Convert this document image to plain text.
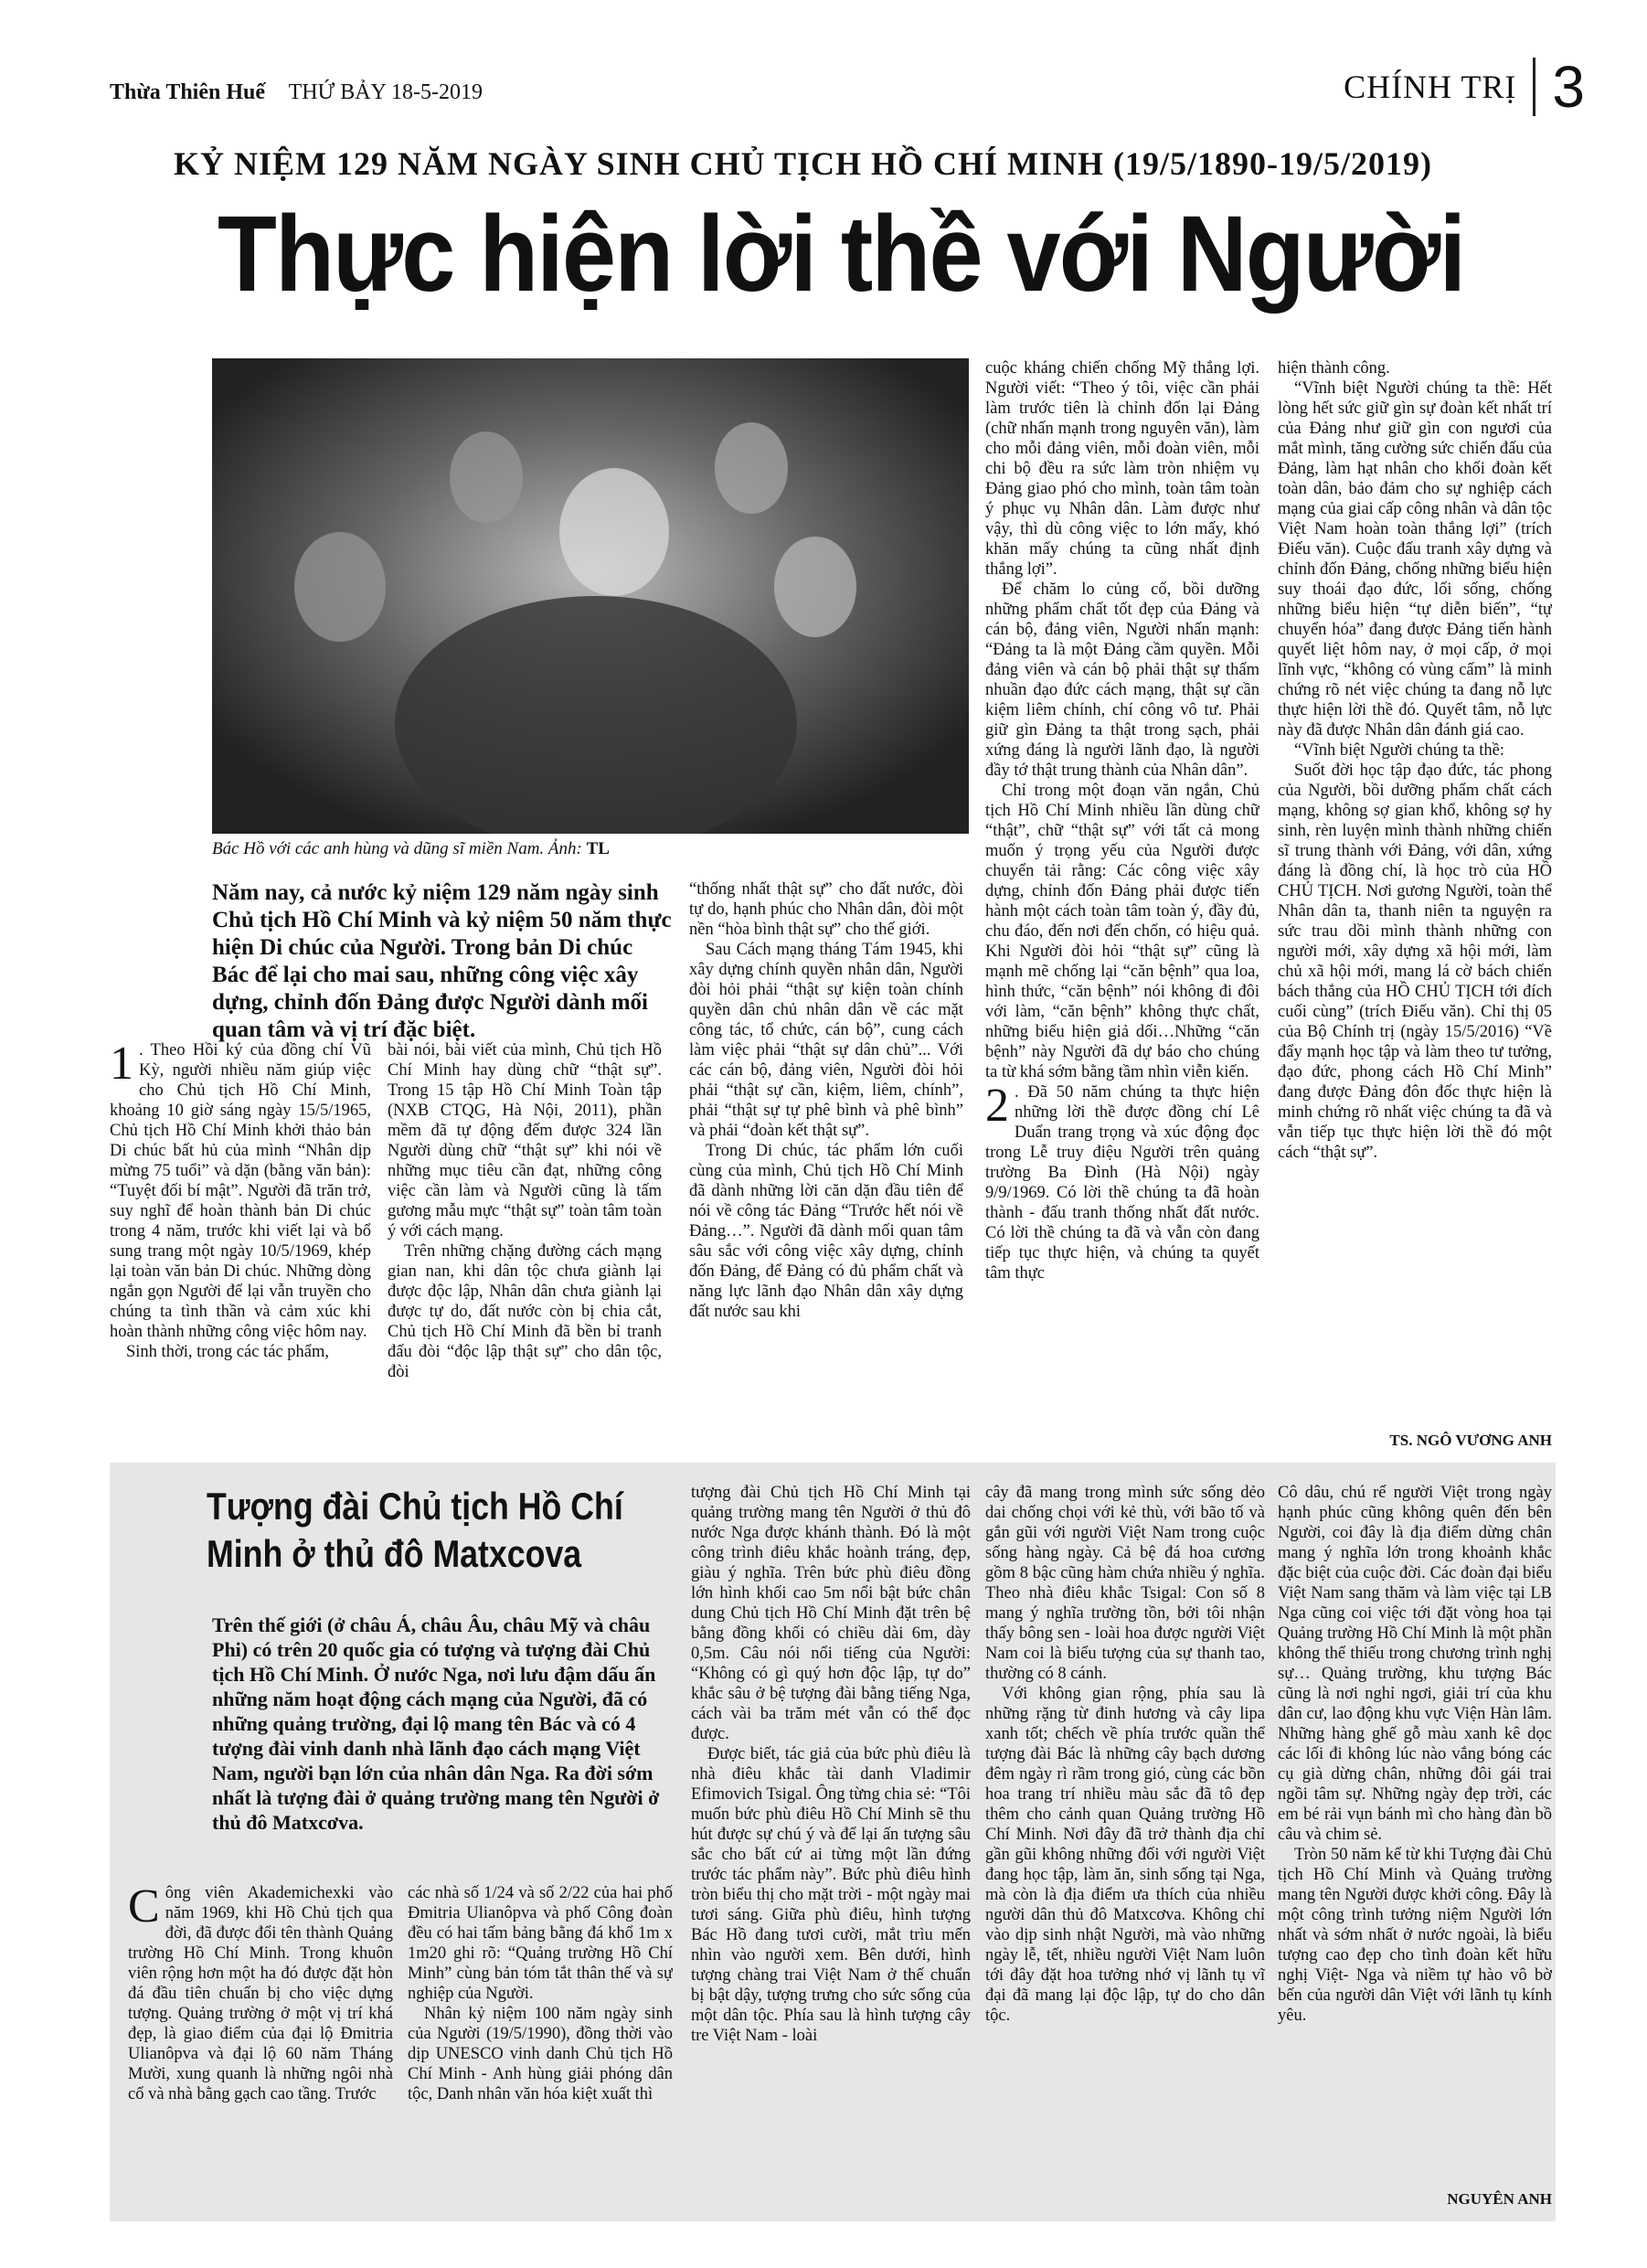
Thừa Thiên Huế THỨ BẢY 18-5-2019	CHÍNH TRỊ 3
KỶ NIỆM 129 NĂM NGÀY SINH CHỦ TỊCH HỒ CHÍ MINH (19/5/1890-19/5/2019)
Thực hiện lời thề với Người
Bác Hồ với các anh hùng và dũng sĩ miền Nam. Ảnh: TL
Năm nay, cả nước kỷ niệm 129 năm ngày sinh Chủ tịch Hồ Chí Minh và kỷ niệm 50 năm thực hiện Di chúc của Người. Trong bản Di chúc Bác để lại cho mai sau, những công việc xây dựng, chỉnh đốn Đảng được Người dành mối quan tâm và vị trí đặc biệt.

1 . Theo Hồi ký của đồng chí Vũ Kỳ, người nhiều năm giúp việc cho Chủ tịch Hồ Chí Minh, khoảng 10 giờ sáng ngày 15/5/1965, Chủ tịch Hồ Chí Minh khởi thảo bản Di chúc bất hủ của mình “Nhân dịp mừng 75 tuổi” và dặn (bằng văn bản): “Tuyệt đối bí mật”. Người đã trăn trở, suy nghĩ để hoàn thành bản Di chúc trong 4 năm, trước khi viết lại và bổ sung trang một ngày 10/5/1969, khép lại toàn văn bản Di chúc. Những dòng ngắn gọn Người để lại vẫn truyền cho chúng ta tình thần và cảm xúc khi hoàn thành những công việc hôm nay.

Sinh thời, trong các tác phẩm,

bài nói, bài viết của mình, Chủ tịch Hồ Chí Minh hay dùng chữ “thật sự”. Trong 15 tập Hồ Chí Minh Toàn tập (NXB CTQG, Hà Nội, 2011), phần mềm đã tự động đếm được 324 lần Người dùng chữ “thật sự” khi nói về những mục tiêu cần đạt, những công việc cần làm và Người cũng là tấm gương mẫu mực “thật sự” toàn tâm toàn ý với cách mạng.

Trên những chặng đường cách mạng gian nan, khi dân tộc chưa giành lại được độc lập, Nhân dân chưa giành lại được tự do, đất nước còn bị chia cắt, Chủ tịch Hồ Chí Minh đã bền bỉ tranh đấu đòi “độc lập thật sự” cho dân tộc, đòi

“thống nhất thật sự” cho đất nước, đòi tự do, hạnh phúc cho Nhân dân, đòi một nền “hòa bình thật sự” cho thế giới.

Sau Cách mạng tháng Tám 1945, khi xây dựng chính quyền nhân dân, Người đòi hỏi phải “thật sự kiện toàn chính quyền dân chủ nhân dân về các mặt công tác, tổ chức, cán bộ”, cung cách làm việc phải “thật sự dân chủ”... Với các cán bộ, đảng viên, Người đòi hỏi phải “thật sự cần, kiệm, liêm, chính”, phải “thật sự tự phê bình và phê bình” và phải “đoàn kết thật sự”.

Trong Di chúc, tác phẩm lớn cuối cùng của mình, Chủ tịch Hồ Chí Minh đã dành những lời căn dặn đầu tiên để nói về công tác Đảng “Trước hết nói về Đảng…”. Người đã dành mối quan tâm sâu sắc với công việc xây dựng, chỉnh đốn Đảng, để Đảng có đủ phẩm chất và năng lực lãnh đạo Nhân dân xây dựng đất nước sau khi

cuộc kháng chiến chống Mỹ thắng lợi. Người viết: “Theo ý tôi, việc cần phải làm trước tiên là chỉnh đốn lại Đảng (chữ nhấn mạnh trong nguyên văn), làm cho mỗi đảng viên, mỗi đoàn viên, mỗi chi bộ đều ra sức làm tròn nhiệm vụ Đảng giao phó cho mình, toàn tâm toàn ý phục vụ Nhân dân. Làm được như vậy, thì dù công việc to lớn mấy, khó khăn mấy chúng ta cũng nhất định thắng lợi”.

Để chăm lo củng cố, bồi dưỡng những phẩm chất tốt đẹp của Đảng và cán bộ, đảng viên, Người nhấn mạnh: “Đảng ta là một Đảng cầm quyền. Mỗi đảng viên và cán bộ phải thật sự thấm nhuần đạo đức cách mạng, thật sự cần kiệm liêm chính, chí công vô tư. Phải giữ gìn Đảng ta thật trong sạch, phải xứng đáng là người lãnh đạo, là người đầy tớ thật trung thành của Nhân dân”.

Chỉ trong một đoạn văn ngắn, Chủ tịch Hồ Chí Minh nhiều lần dùng chữ “thật”, chữ “thật sự” với tất cả mong muốn ý trọng yếu của Người được chuyển tải rằng: Các công việc xây dựng, chỉnh đốn Đảng phải được tiến hành một cách toàn tâm toàn ý, đầy đủ, chu đáo, đến nơi đến chốn, có hiệu quả. Khi Người đòi hỏi “thật sự” cũng là mạnh mẽ chống lại “căn bệnh” qua loa, hình thức, “căn bệnh” nói không đi đôi với làm, “căn bệnh” không thực chất, những biểu hiện giả dối…Những “căn bệnh” này Người đã dự báo cho chúng ta từ khá sớm bằng tầm nhìn viễn kiến.

2 . Đã 50 năm chúng ta thực hiện những lời thề được đồng chí Lê Duẩn trang trọng và xúc động đọc trong Lễ truy điệu Người trên quảng trường Ba Đình (Hà Nội) ngày 9/9/1969. Có lời thề chúng ta đã hoàn thành - đấu tranh thống nhất đất nước. Có lời thề chúng ta đã và vẫn còn đang tiếp tục thực hiện, và chúng ta quyết tâm thực

hiện thành công.

“Vĩnh biệt Người chúng ta thề: Hết lòng hết sức giữ gìn sự đoàn kết nhất trí của Đảng như giữ gìn con ngươi của mắt mình, tăng cường sức chiến đấu của Đảng, làm hạt nhân cho khối đoàn kết toàn dân, bảo đảm cho sự nghiệp cách mạng của giai cấp công nhân và dân tộc Việt Nam hoàn toàn thắng lợi” (trích Điếu văn). Cuộc đấu tranh xây dựng và chỉnh đốn Đảng, chống những biểu hiện suy thoái đạo đức, lối sống, chống những biểu hiện “tự diễn biến”, “tự chuyển hóa” đang được Đảng tiến hành quyết liệt hôm nay, ở mọi cấp, ở mọi lĩnh vực, “không có vùng cấm” là minh chứng rõ nét việc chúng ta đang nỗ lực thực hiện lời thề đó. Quyết tâm, nỗ lực này đã được Nhân dân đánh giá cao.

“Vĩnh biệt Người chúng ta thề:

Suốt đời học tập đạo đức, tác phong của Người, bồi dưỡng phẩm chất cách mạng, không sợ gian khổ, không sợ hy sinh, rèn luyện mình thành những chiến sĩ trung thành với Đảng, với dân, xứng đáng là đồng chí, là học trò của HỒ CHỦ TỊCH. Nơi gương Người, toàn thể Nhân dân ta, thanh niên ta nguyện ra sức trau dồi mình thành những con người mới, xây dựng xã hội mới, làm chủ xã hội mới, mang lá cờ bách chiến bách thắng của HỒ CHỦ TỊCH tới đích cuối cùng” (trích Điếu văn). Chỉ thị 05 của Bộ Chính trị (ngày 15/5/2016) “Về đẩy mạnh học tập và làm theo tư tưởng, đạo đức, phong cách Hồ Chí Minh” đang được Đảng đôn đốc thực hiện là minh chứng rõ nhất việc chúng ta đã và vẫn tiếp tục thực hiện lời thề đó một cách “thật sự”.

TS. NGÔ VƯƠNG ANH
Tượng đài Chủ tịch Hồ Chí Minh ở thủ đô Matxcova
Trên thế giới (ở châu Á, châu Âu, châu Mỹ và châu Phi) có trên 20 quốc gia có tượng và tượng đài Chủ tịch Hồ Chí Minh. Ở nước Nga, nơi lưu đậm dấu ấn những năm hoạt động cách mạng của Người, đã có những quảng trường, đại lộ mang tên Bác và có 4 tượng đài vinh danh nhà lãnh đạo cách mạng Việt Nam, người bạn lớn của nhân dân Nga. Ra đời sớm nhất là tượng đài ở quảng trường mang tên Người ở thủ đô Matxcơva.

Công viên Akademichexki vào năm 1969, khi Hồ Chủ tịch qua đời, đã được đổi tên thành Quảng trường Hồ Chí Minh. Trong khuôn viên rộng hơn một ha đó được đặt hòn đá đầu tiên chuẩn bị cho việc dựng tượng. Quảng trường ở một vị trí khá đẹp, là giao điểm của đại lộ Đmitria Ulianôpva và đại lộ 60 năm Tháng Mười, xung quanh là những ngôi nhà cổ và nhà bằng gạch cao tầng. Trước

các nhà số 1/24 và số 2/22 của hai phố Đmitria Ulianôpva và phố Công đoàn đều có hai tấm bảng bằng đá khổ 1m x 1m20 ghi rõ: “Quảng trường Hồ Chí Minh” cùng bản tóm tắt thân thế và sự nghiệp của Người.

Nhân kỷ niệm 100 năm ngày sinh của Người (19/5/1990), đồng thời vào dịp UNESCO vinh danh Chủ tịch Hồ Chí Minh - Anh hùng giải phóng dân tộc, Danh nhân văn hóa kiệt xuất thì

tượng đài Chủ tịch Hồ Chí Minh tại quảng trường mang tên Người ở thủ đô nước Nga được khánh thành. Đó là một công trình điêu khắc hoành tráng, đẹp, giàu ý nghĩa. Trên bức phù điêu đồng lớn hình khối cao 5m nổi bật bức chân dung Chủ tịch Hồ Chí Minh đặt trên bệ bằng đồng khối có chiều dài 6m, dày 0,5m. Câu nói nổi tiếng của Người: “Không có gì quý hơn độc lập, tự do” khắc sâu ở bệ tượng đài bằng tiếng Nga, cách vài ba trăm mét vẫn có thể đọc được.

Được biết, tác giả của bức phù điêu là nhà điêu khắc tài danh Vladimir Efimovich Tsigal. Ông từng chia sẻ: “Tôi muốn bức phù điêu Hồ Chí Minh sẽ thu hút được sự chú ý và để lại ấn tượng sâu sắc cho bất cứ ai từng một lần đứng trước tác phẩm này”. Bức phù điêu hình tròn biểu thị cho mặt trời - một ngày mai tươi sáng. Giữa phù điêu, hình tượng Bác Hồ đang tươi cười, mắt trìu mến nhìn vào người xem. Bên dưới, hình tượng chàng trai Việt Nam ở thế chuẩn bị bật dậy, tượng trưng cho sức sống của một dân tộc. Phía sau là hình tượng cây tre Việt Nam - loài

cây đã mang trong mình sức sống dẻo dai chống chọi với kẻ thù, với bão tố và gắn gũi với người Việt Nam trong cuộc sống hàng ngày. Cả bệ đá hoa cương gồm 8 bậc cũng hàm chứa nhiều ý nghĩa. Theo nhà điêu khắc Tsigal: Con số 8 mang ý nghĩa trường tồn, bởi tôi nhận thấy bông sen - loài hoa được người Việt Nam coi là biểu tượng của sự thanh tao, thường có 8 cánh.

Với không gian rộng, phía sau là những rặng từ đinh hương và cây lipa xanh tốt; chếch về phía trước quần thể tượng đài Bác là những cây bạch dương đêm ngày rì rầm trong gió, cùng các bồn hoa trang trí nhiều màu sắc đã tô đẹp thêm cho cảnh quan Quảng trường Hồ Chí Minh. Nơi đây đã trở thành địa chỉ gần gũi không những đối với người Việt đang học tập, làm ăn, sinh sống tại Nga, mà còn là địa điểm ưa thích của nhiều người dân thủ đô Matxcơva. Không chỉ vào dịp sinh nhật Người, mà vào những ngày lễ, tết, nhiều người Việt Nam luôn tới đây đặt hoa tưởng nhớ vị lãnh tụ vĩ đại đã mang lại độc lập, tự do cho dân tộc.

Cô dâu, chú rể người Việt trong ngày hạnh phúc cũng không quên đến bên Người, coi đây là địa điểm dừng chân mang ý nghĩa lớn trong khoảnh khắc đặc biệt của cuộc đời. Các đoàn đại biểu Việt Nam sang thăm và làm việc tại LB Nga cũng coi việc tới đặt vòng hoa tại Quảng trường Hồ Chí Minh là một phần không thể thiếu trong chương trình nghị sự… Quảng trường, khu tượng Bác cũng là nơi nghỉ ngơi, giải trí của khu dân cư, lao động khu vực Viện Hàn lâm. Những hàng ghế gỗ màu xanh kê dọc các lối đi không lúc nào vắng bóng các cụ già dừng chân, những đôi gái trai ngồi tâm sự. Những ngày đẹp trời, các em bé rải vụn bánh mì cho hàng đàn bồ câu và chim sẻ.

Tròn 50 năm kể từ khi Tượng đài Chủ tịch Hồ Chí Minh và Quảng trường mang tên Người được khởi công. Đây là một công trình tưởng niệm Người lớn nhất và sớm nhất ở nước ngoài, là biểu tượng cao đẹp cho tình đoàn kết hữu nghị Việt- Nga và niềm tự hào vô bờ bến của người dân Việt với lãnh tụ kính yêu.

NGUYÊN ANH
